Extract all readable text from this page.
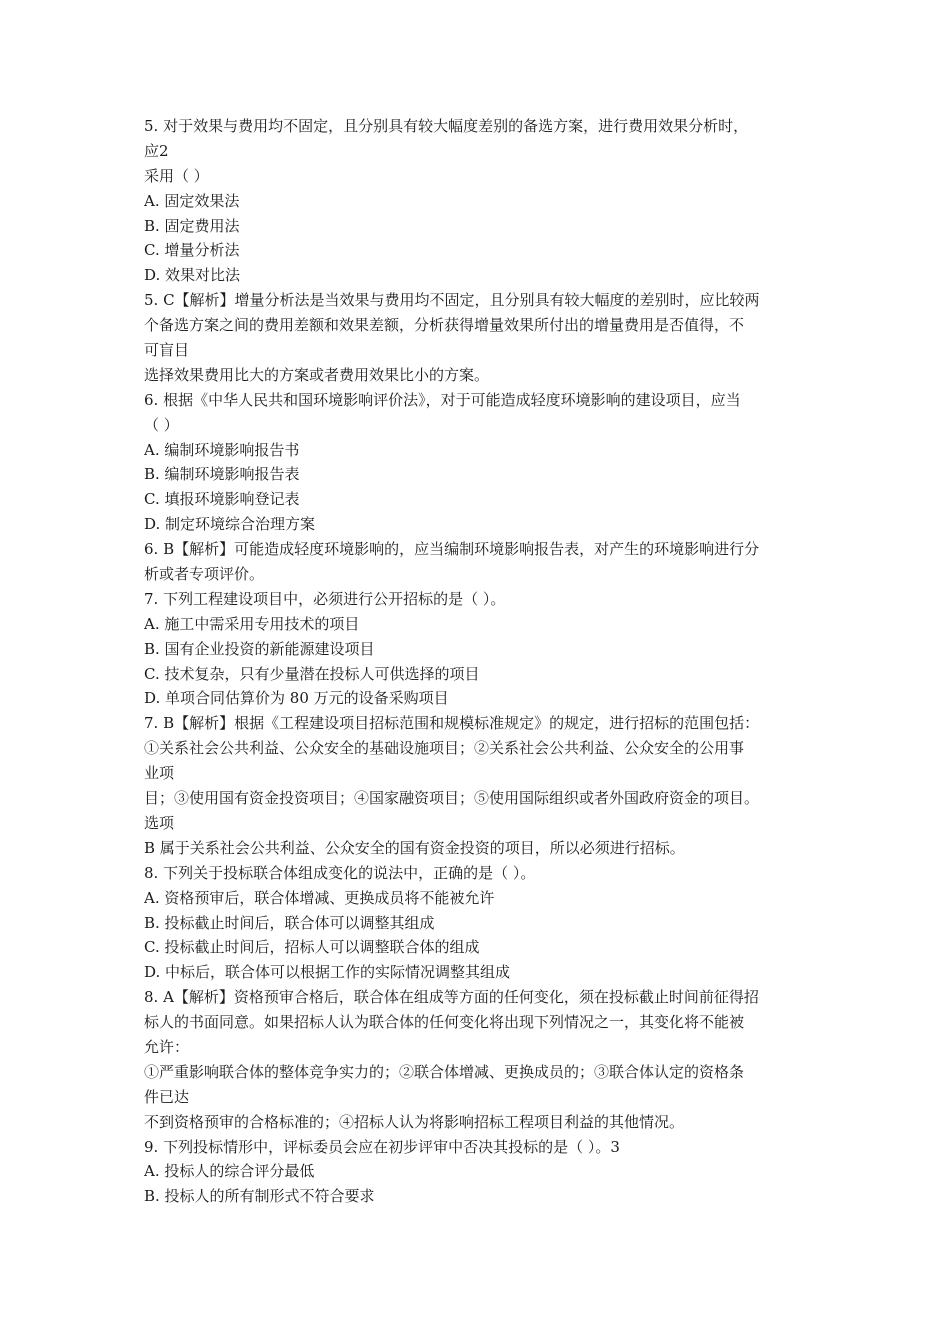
5. 对于效果与费用均不固定，且分别具有较大幅度差别的备选方案，进行费用效果分析时，
应2
采用（ ）
A. 固定效果法
B. 固定费用法
C. 增量分析法
D. 效果对比法
5. C【解析】增量分析法是当效果与费用均不固定，且分别具有较大幅度的差别时，应比较两
个备选方案之间的费用差额和效果差额，分析获得增量效果所付出的增量费用是否值得，不
可盲目
选择效果费用比大的方案或者费用效果比小的方案。
6. 根据《中华人民共和国环境影响评价法》，对于可能造成轻度环境影响的建设项目，应当
（ ）
A. 编制环境影响报告书
B. 编制环境影响报告表
C. 填报环境影响登记表
D. 制定环境综合治理方案
6. B【解析】可能造成轻度环境影响的，应当编制环境影响报告表，对产生的环境影响进行分
析或者专项评价。
7. 下列工程建设项目中，必须进行公开招标的是（ ）。
A. 施工中需采用专用技术的项目
B. 国有企业投资的新能源建设项目
C. 技术复杂，只有少量潜在投标人可供选择的项目
D. 单项合同估算价为 80 万元的设备采购项目
7. B【解析】根据《工程建设项目招标范围和规模标准规定》的规定，进行招标的范围包括：
①关系社会公共利益、公众安全的基础设施项目；②关系社会公共利益、公众安全的公用事
业项
目；③使用国有资金投资项目；④国家融资项目；⑤使用国际组织或者外国政府资金的项目。
选项
B 属于关系社会公共利益、公众安全的国有资金投资的项目，所以必须进行招标。
8. 下列关于投标联合体组成变化的说法中，正确的是（ ）。
A. 资格预审后，联合体增减、更换成员将不能被允许
B. 投标截止时间后，联合体可以调整其组成
C. 投标截止时间后，招标人可以调整联合体的组成
D. 中标后，联合体可以根据工作的实际情况调整其组成
8. A【解析】资格预审合格后，联合体在组成等方面的任何变化，须在投标截止时间前征得招
标人的书面同意。如果招标人认为联合体的任何变化将出现下列情况之一，其变化将不能被
允许：
①严重影响联合体的整体竞争实力的；②联合体增减、更换成员的；③联合体认定的资格条
件已达
不到资格预审的合格标准的；④招标人认为将影响招标工程项目利益的其他情况。
9. 下列投标情形中，评标委员会应在初步评审中否决其投标的是（ ）。3
A. 投标人的综合评分最低
B. 投标人的所有制形式不符合要求
